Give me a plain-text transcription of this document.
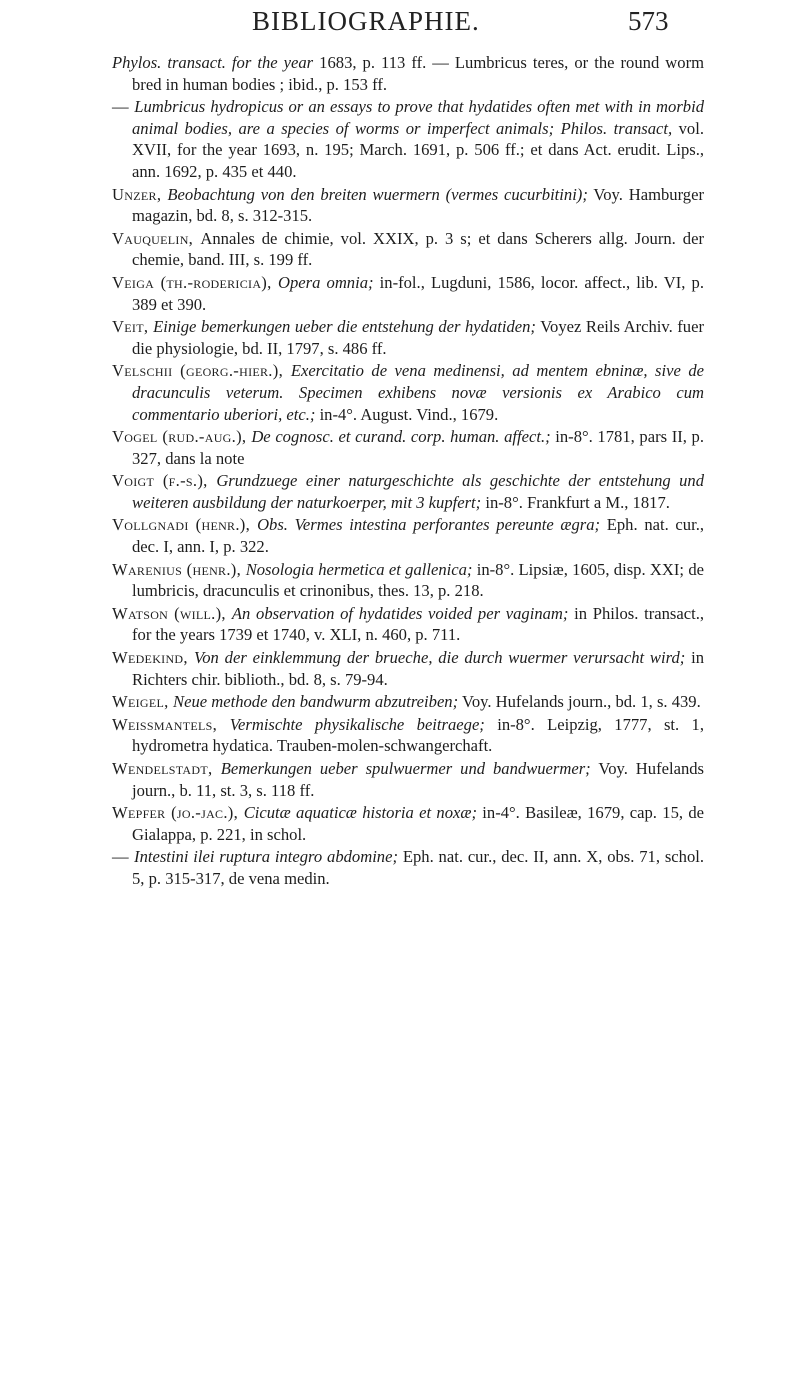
BIBLIOGRAPHIE.	573

Phylos. transact. for the year 1683, p. 113 ff. — Lumbricus teres, or the round worm bred in human bodies ; ibid., p. 153 ff.

— Lumbricus hydropicus or an essays to prove that hydatides often met with in morbid animal bodies, are a species of worms or imperfect animals; Philos. transact, vol. XVII, for the year 1693, n. 195; March. 1691, p. 506 ff.; et dans Act. erudit. Lips., ann. 1692, p. 435 et 440.

Unzer, Beobachtung von den breiten wuermern (vermes cucurbitini); Voy. Hamburger magazin, bd. 8, s. 312-315.

Vauquelin, Annales de chimie, vol. XXIX, p. 3 s; et dans Scherers allg. Journ. der chemie, band. III, s. 199 ff.

Veiga (th.-rodericia), Opera omnia; in-fol., Lugduni, 1586, locor. affect., lib. VI, p. 389 et 390.

Veit, Einige bemerkungen ueber die entstehung der hydatiden; Voyez Reils Archiv. fuer die physiologie, bd. II, 1797, s. 486 ff.

Velschii (georg.-hier.), Exercitatio de vena medinensi, ad mentem ebninæ, sive de dracunculis veterum. Specimen exhibens novæ versionis ex Arabico cum commentario uberiori, etc.; in-4°. August. Vind., 1679.

Vogel (rud.-aug.), De cognosc. et curand. corp. human. affect.; in-8°. 1781, pars II, p. 327, dans la note

Voigt (f.-s.), Grundzuege einer naturgeschichte als geschichte der entstehung und weiteren ausbildung der naturkoerper, mit 3 kupfert; in-8°. Frankfurt a M., 1817.

Vollgnadi (henr.), Obs. Vermes intestina perforantes pereunte ægra; Eph. nat. cur., dec. I, ann. I, p. 322.

Warenius (henr.), Nosologia hermetica et gallenica; in-8°. Lipsiæ, 1605, disp. XXI; de lumbricis, dracunculis et crinonibus, thes. 13, p. 218.

Watson (will.), An observation of hydatides voided per vaginam; in Philos. transact., for the years 1739 et 1740, v. XLI, n. 460, p. 711.

Wedekind, Von der einklemmung der brueche, die durch wuermer verursacht wird; in Richters chir. biblioth., bd. 8, s. 79-94.

Weigel, Neue methode den bandwurm abzutreiben; Voy. Hufelands journ., bd. 1, s. 439.

Weissmantels, Vermischte physikalische beitraege; in-8°. Leipzig, 1777, st. 1, hydrometra hydatica. Trauben-molen-schwangerchaft.

Wendelstadt, Bemerkungen ueber spulwuermer und bandwuermer; Voy. Hufelands journ., b. 11, st. 3, s. 118 ff.

Wepfer (jo.-jac.), Cicutæ aquaticæ historia et noxæ; in-4°. Basileæ, 1679, cap. 15, de Gialappa, p. 221, in schol.

— Intestini ilei ruptura integro abdomine; Eph. nat. cur., dec. II, ann. X, obs. 71, schol. 5, p. 315-317, de vena medin.
